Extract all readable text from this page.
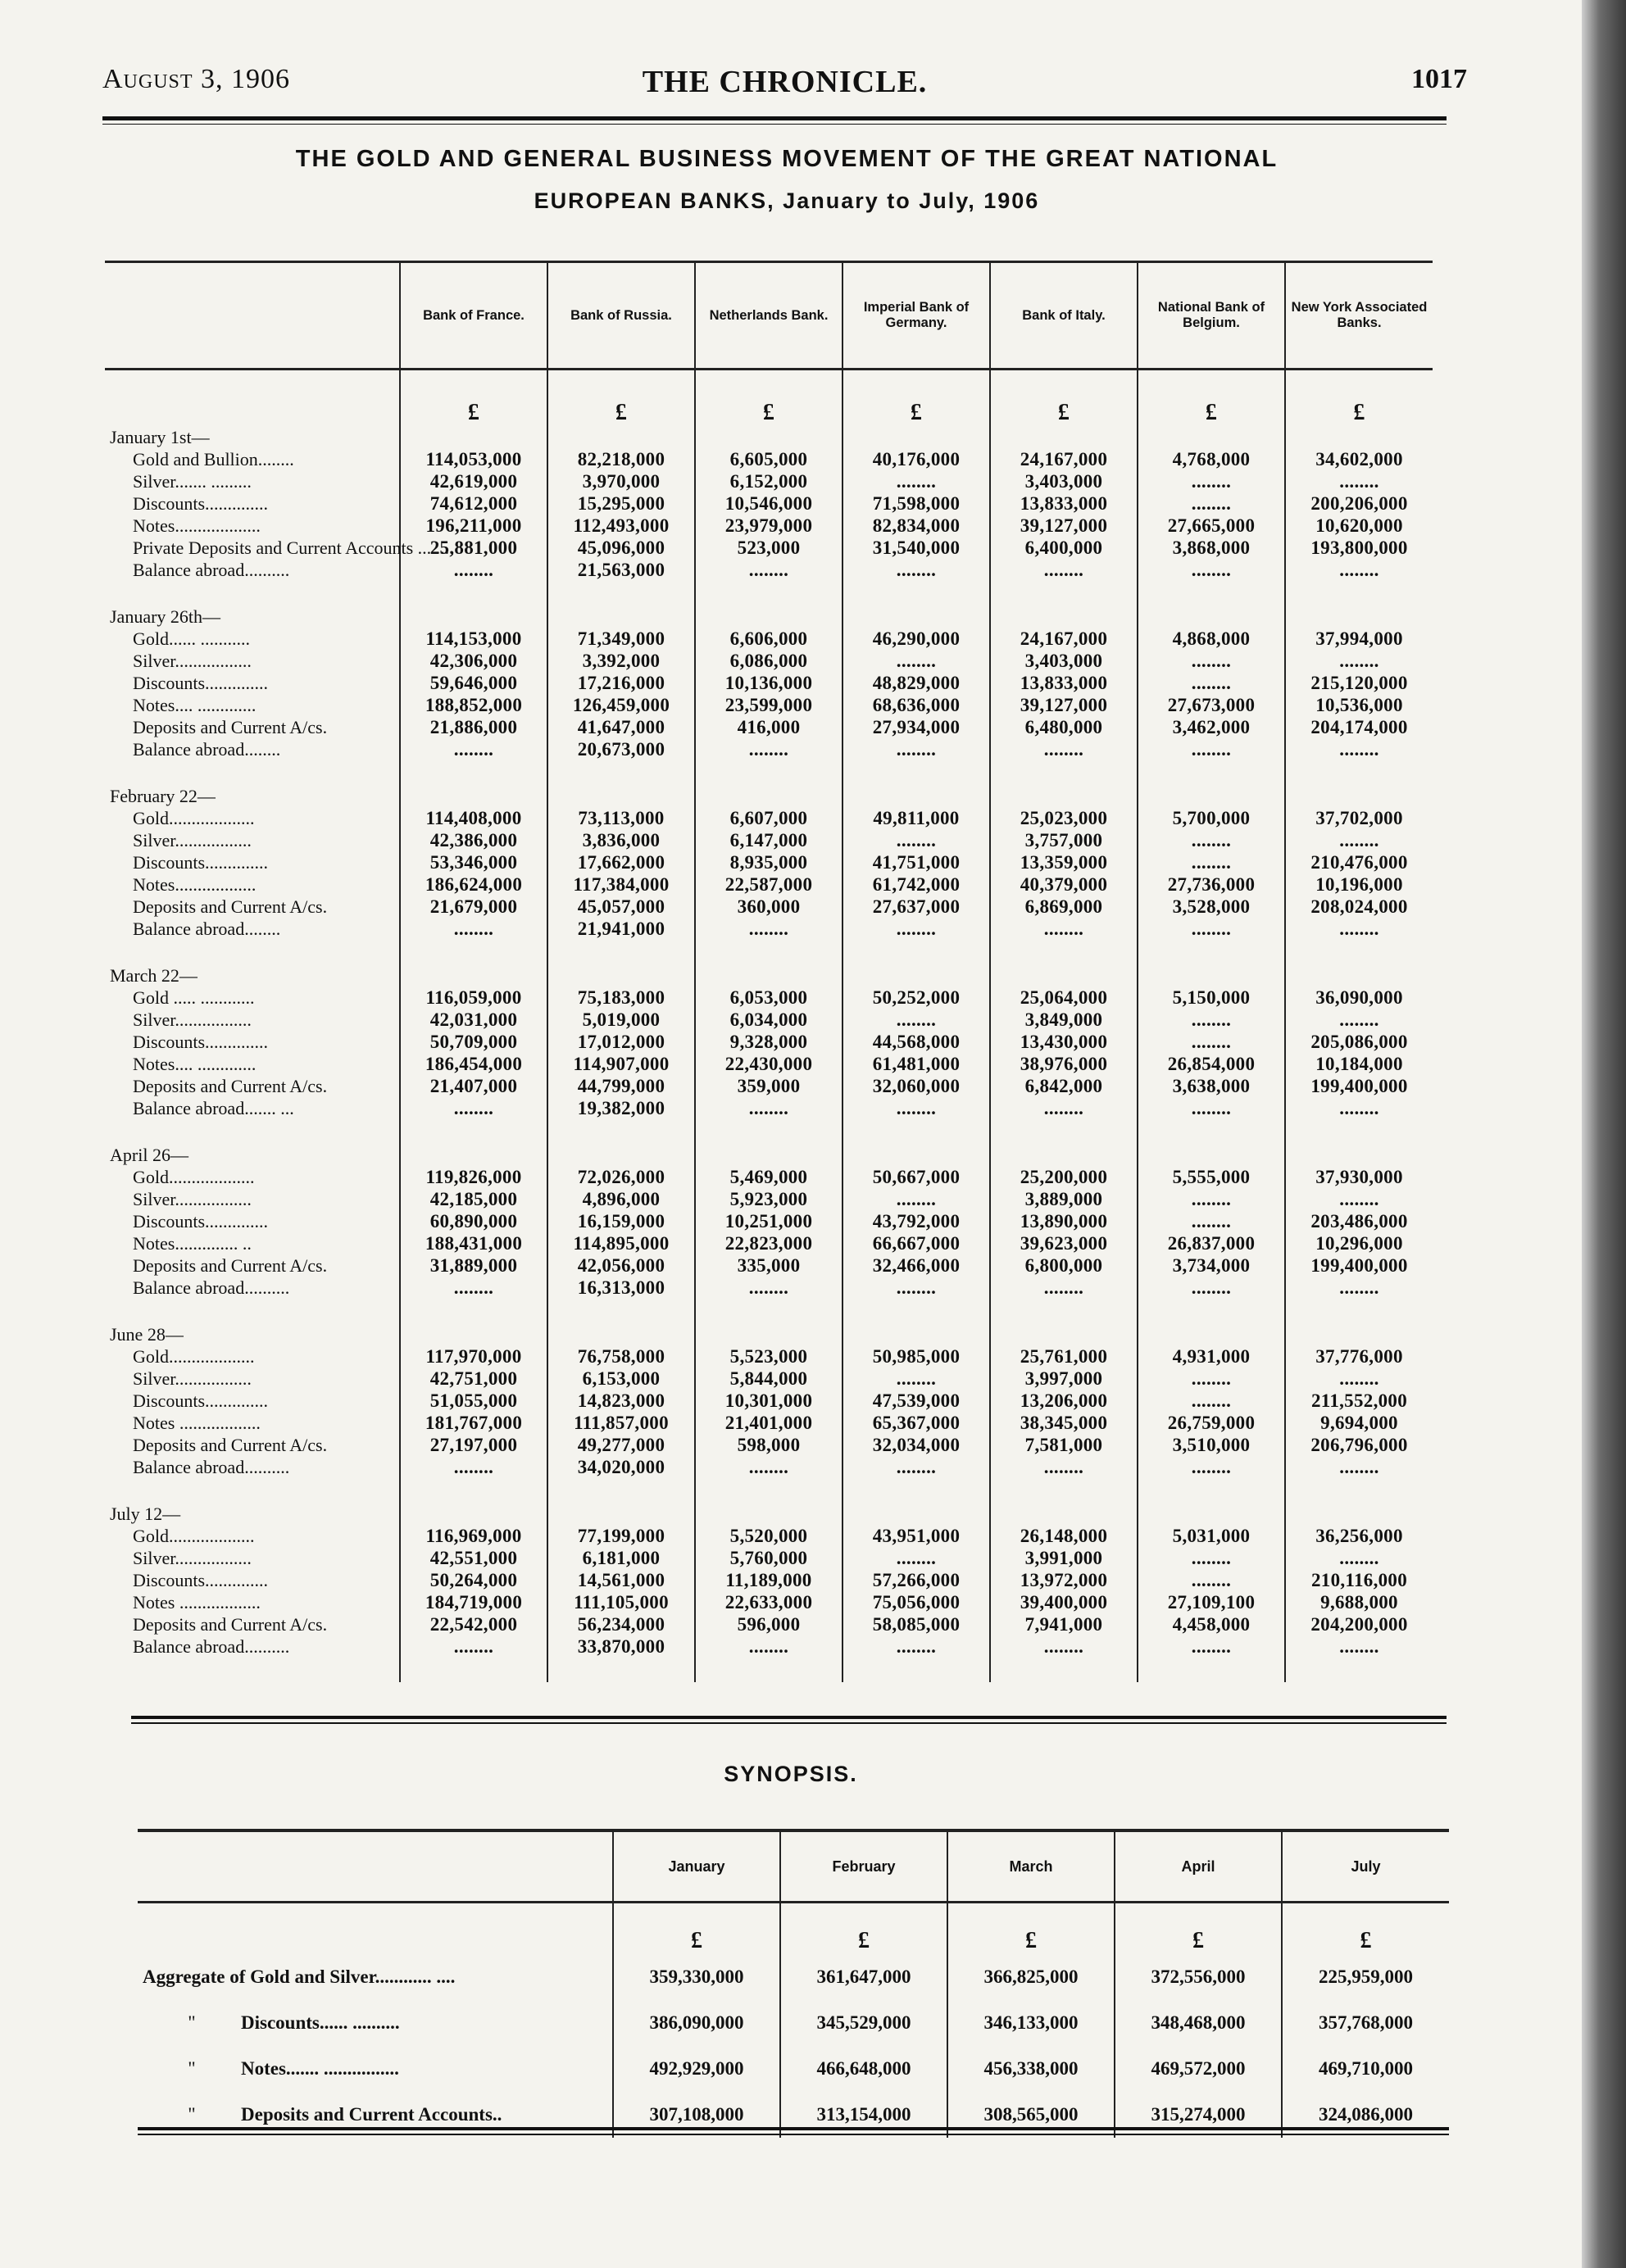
August 3, 1906	THE CHRONICLE.	1017
THE GOLD AND GENERAL BUSINESS MOVEMENT OF THE GREAT NATIONAL
EUROPEAN BANKS, January to July, 1906
	Bank of France.	Bank of Russia.	Netherlands Bank.	Imperial Bank of Germany.	Bank of Italy.	National Bank of Belgium.	New York Associated Banks.
	£	£	£	£	£	£	£
January 1st—							
Gold and Bullion........	114,053,000	82,218,000	6,605,000	40,176,000	24,167,000	4,768,000	34,602,000
Silver....... .........	42,619,000	3,970,000	6,152,000	........	3,403,000	........	........
Discounts..............	74,612,000	15,295,000	10,546,000	71,598,000	13,833,000	........	200,206,000
Notes...................	196,211,000	112,493,000	23,979,000	82,834,000	39,127,000	27,665,000	10,620,000
Private Deposits and Current Accounts ........	25,881,000	45,096,000	523,000	31,540,000	6,400,000	3,868,000	193,800,000
Balance abroad..........	........	21,563,000	........	........	........	........	........

January 26th—							
Gold...... ...........	114,153,000	71,349,000	6,606,000	46,290,000	24,167,000	4,868,000	37,994,000
Silver.................	42,306,000	3,392,000	6,086,000	........	3,403,000	........	........
Discounts..............	59,646,000	17,216,000	10,136,000	48,829,000	13,833,000	........	215,120,000
Notes.... .............	188,852,000	126,459,000	23,599,000	68,636,000	39,127,000	27,673,000	10,536,000
Deposits and Current A/cs.	21,886,000	41,647,000	416,000	27,934,000	6,480,000	3,462,000	204,174,000
Balance abroad........	........	20,673,000	........	........	........	........	........

February 22—							
Gold...................	114,408,000	73,113,000	6,607,000	49,811,000	25,023,000	5,700,000	37,702,000
Silver.................	42,386,000	3,836,000	6,147,000	........	3,757,000	........	........
Discounts..............	53,346,000	17,662,000	8,935,000	41,751,000	13,359,000	........	210,476,000
Notes..................	186,624,000	117,384,000	22,587,000	61,742,000	40,379,000	27,736,000	10,196,000
Deposits and Current A/cs.	21,679,000	45,057,000	360,000	27,637,000	6,869,000	3,528,000	208,024,000
Balance abroad........	........	21,941,000	........	........	........	........	........

March 22—							
Gold ..... ............	116,059,000	75,183,000	6,053,000	50,252,000	25,064,000	5,150,000	36,090,000
Silver.................	42,031,000	5,019,000	6,034,000	........	3,849,000	........	........
Discounts..............	50,709,000	17,012,000	9,328,000	44,568,000	13,430,000	........	205,086,000
Notes.... .............	186,454,000	114,907,000	22,430,000	61,481,000	38,976,000	26,854,000	10,184,000
Deposits and Current A/cs.	21,407,000	44,799,000	359,000	32,060,000	6,842,000	3,638,000	199,400,000
Balance abroad....... ...	........	19,382,000	........	........	........	........	........

April 26—							
Gold...................	119,826,000	72,026,000	5,469,000	50,667,000	25,200,000	5,555,000	37,930,000
Silver.................	42,185,000	4,896,000	5,923,000	........	3,889,000	........	........
Discounts..............	60,890,000	16,159,000	10,251,000	43,792,000	13,890,000	........	203,486,000
Notes.............. ..	188,431,000	114,895,000	22,823,000	66,667,000	39,623,000	26,837,000	10,296,000
Deposits and Current A/cs.	31,889,000	42,056,000	335,000	32,466,000	6,800,000	3,734,000	199,400,000
Balance abroad..........	........	16,313,000	........	........	........	........	........

June 28—							
Gold...................	117,970,000	76,758,000	5,523,000	50,985,000	25,761,000	4,931,000	37,776,000
Silver.................	42,751,000	6,153,000	5,844,000	........	3,997,000	........	........
Discounts..............	51,055,000	14,823,000	10,301,000	47,539,000	13,206,000	........	211,552,000
Notes ..................	181,767,000	111,857,000	21,401,000	65,367,000	38,345,000	26,759,000	9,694,000
Deposits and Current A/cs.	27,197,000	49,277,000	598,000	32,034,000	7,581,000	3,510,000	206,796,000
Balance abroad..........	........	34,020,000	........	........	........	........	........

July 12—							
Gold...................	116,969,000	77,199,000	5,520,000	43,951,000	26,148,000	5,031,000	36,256,000
Silver.................	42,551,000	6,181,000	5,760,000	........	3,991,000	........	........
Discounts..............	50,264,000	14,561,000	11,189,000	57,266,000	13,972,000	........	210,116,000
Notes ..................	184,719,000	111,105,000	22,633,000	75,056,000	39,400,000	27,109,100	9,688,000
Deposits and Current A/cs.	22,542,000	56,234,000	596,000	58,085,000	7,941,000	4,458,000	204,200,000
Balance abroad..........	........	33,870,000	........	........	........	........	........

SYNOPSIS.
	January	February	March	April	July
	£	£	£	£	£
Aggregate of Gold and Silver............ ....	359,330,000	361,647,000	366,825,000	372,556,000	225,959,000
" Discounts...... ..........	386,090,000	345,529,000	346,133,000	348,468,000	357,768,000
" Notes....... ................	492,929,000	466,648,000	456,338,000	469,572,000	469,710,000
" Deposits and Current Accounts..	307,108,000	313,154,000	308,565,000	315,274,000	324,086,000
